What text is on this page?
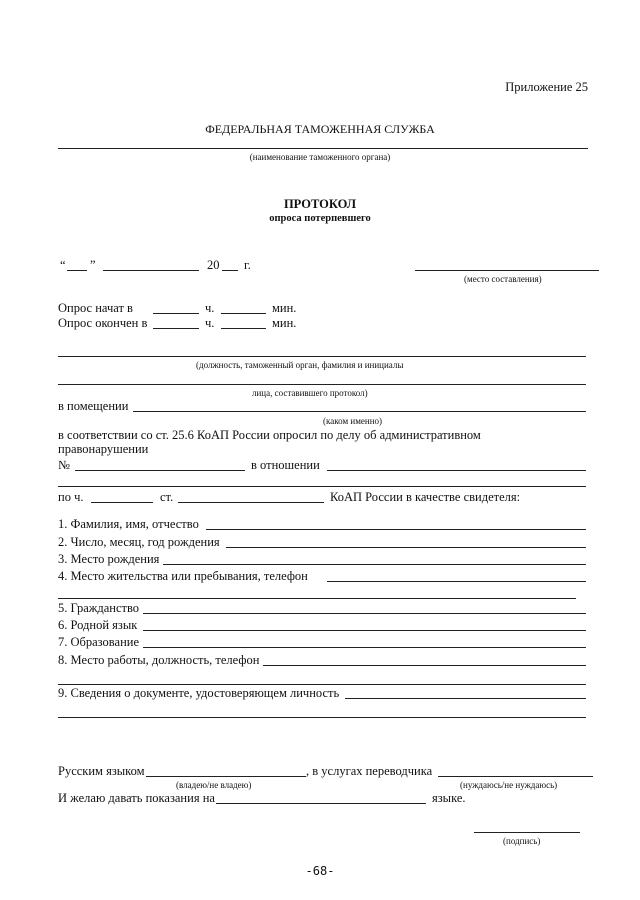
Приложение 25
ФЕДЕРАЛЬНАЯ ТАМОЖЕННАЯ СЛУЖБА
(наименование таможенного органа)
ПРОТОКОЛ
опроса потерпевшего
“ ”	20 г.
(место составления)
Опрос начат в	ч.	мин.
Опрос окончен в	ч.	мин.
(должность, таможенный орган, фамилия и инициалы
лица, составившего протокол)
в помещении
(каком именно)
в соответствии со ст. 25.6 КоАП России опросил по делу об административном
правонарушении
№	в отношении
по ч.	ст.	КоАП России в качестве свидетеля:
1. Фамилия, имя, отчество
2. Число, месяц, год рождения
3. Место рождения
4. Место жительства или пребывания, телефон
5. Гражданство
6. Родной язык
7. Образование
8. Место работы, должность, телефон
9. Сведения о документе, удостоверяющем личность
Русским языком	, в услугах переводчика
(владею/не владею)	(нуждаюсь/не нуждаюсь)
И желаю давать показания на	языке.
(подпись)
-68-
